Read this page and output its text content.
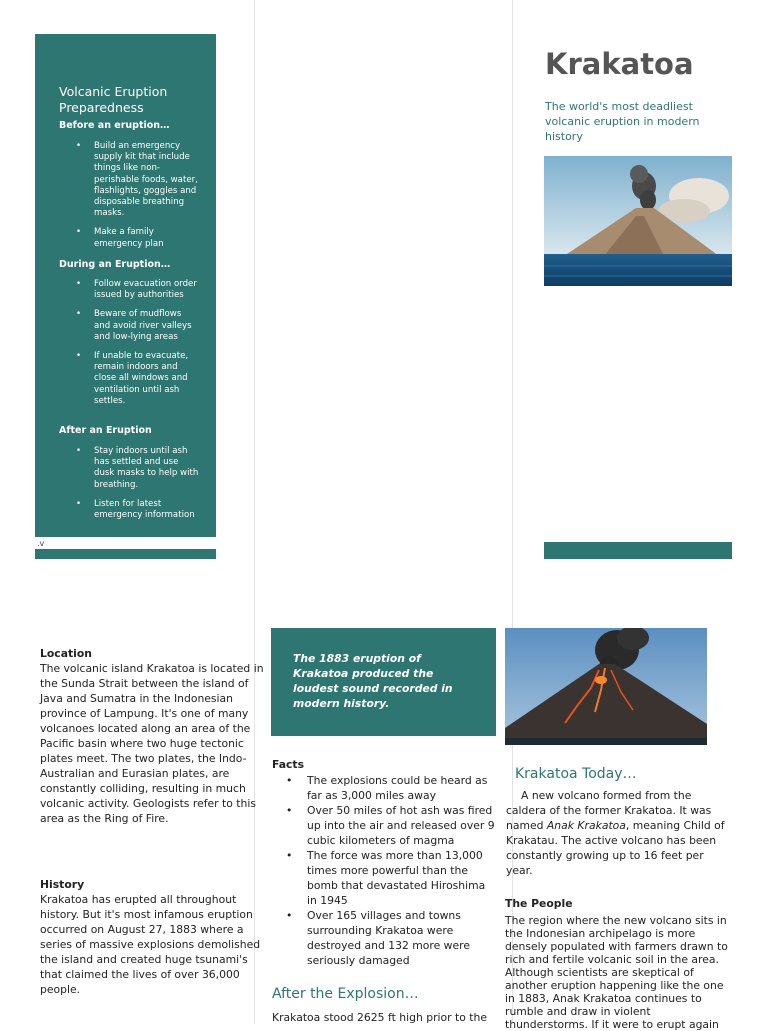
Volcanic Eruption Preparedness
Before an eruption…
• Build an emergency supply kit that include things like non-perishable foods, water, flashlights, goggles and disposable breathing masks.
• Make a family emergency plan
During an Eruption…
• Follow evacuation order issued by authorities
• Beware of mudflows and avoid river valleys and low-lying areas
• If unable to evacuate, remain indoors and close all windows and ventilation until ash settles.
After an Eruption
• Stay indoors until ash has settled and use dusk masks to help with breathing.
• Listen for latest emergency information
.v
Krakatoa
The world's most deadliest volcanic eruption in modern history
Location
The volcanic island Krakatoa is located in the Sunda Strait between the island of Java and Sumatra in the Indonesian province of Lampung. It's one of many volcanoes located along an area of the Pacific basin where two huge tectonic plates meet. The two plates, the Indo-Australian and Eurasian plates, are constantly colliding, resulting in much volcanic activity. Geologists refer to this area as the Ring of Fire.
History
Krakatoa has erupted all throughout history. But it's most infamous eruption occurred on August 27, 1883 where a series of massive explosions demolished the island and created huge tsunami's that claimed the lives of over 36,000 people.
The 1883 eruption of Krakatoa produced the loudest sound recorded in modern history.
Facts
• The explosions could be heard as far as 3,000 miles away
• Over 50 miles of hot ash was fired up into the air and released over 9 cubic kilometers of magma
• The force was more than 13,000 times more powerful than the bomb that devastated Hiroshima in 1945
• Over 165 villages and towns surrounding Krakatoa were destroyed and 132 more were seriously damaged
After the Explosion…
Krakatoa stood 2625 ft high prior to the
Krakatoa Today…
A new volcano formed from the caldera of the former Krakatoa. It was named Anak Krakatoa, meaning Child of Krakatau. The active volcano has been constantly growing up to 16 feet per year.
The People
The region where the new volcano sits in the Indonesian archipelago is more densely populated with farmers drawn to rich and fertile volcanic soil in the area. Although scientists are skeptical of another eruption happening like the one in 1883, Anak Krakatoa continues to rumble and draw in violent thunderstorms. If it were to erupt again
